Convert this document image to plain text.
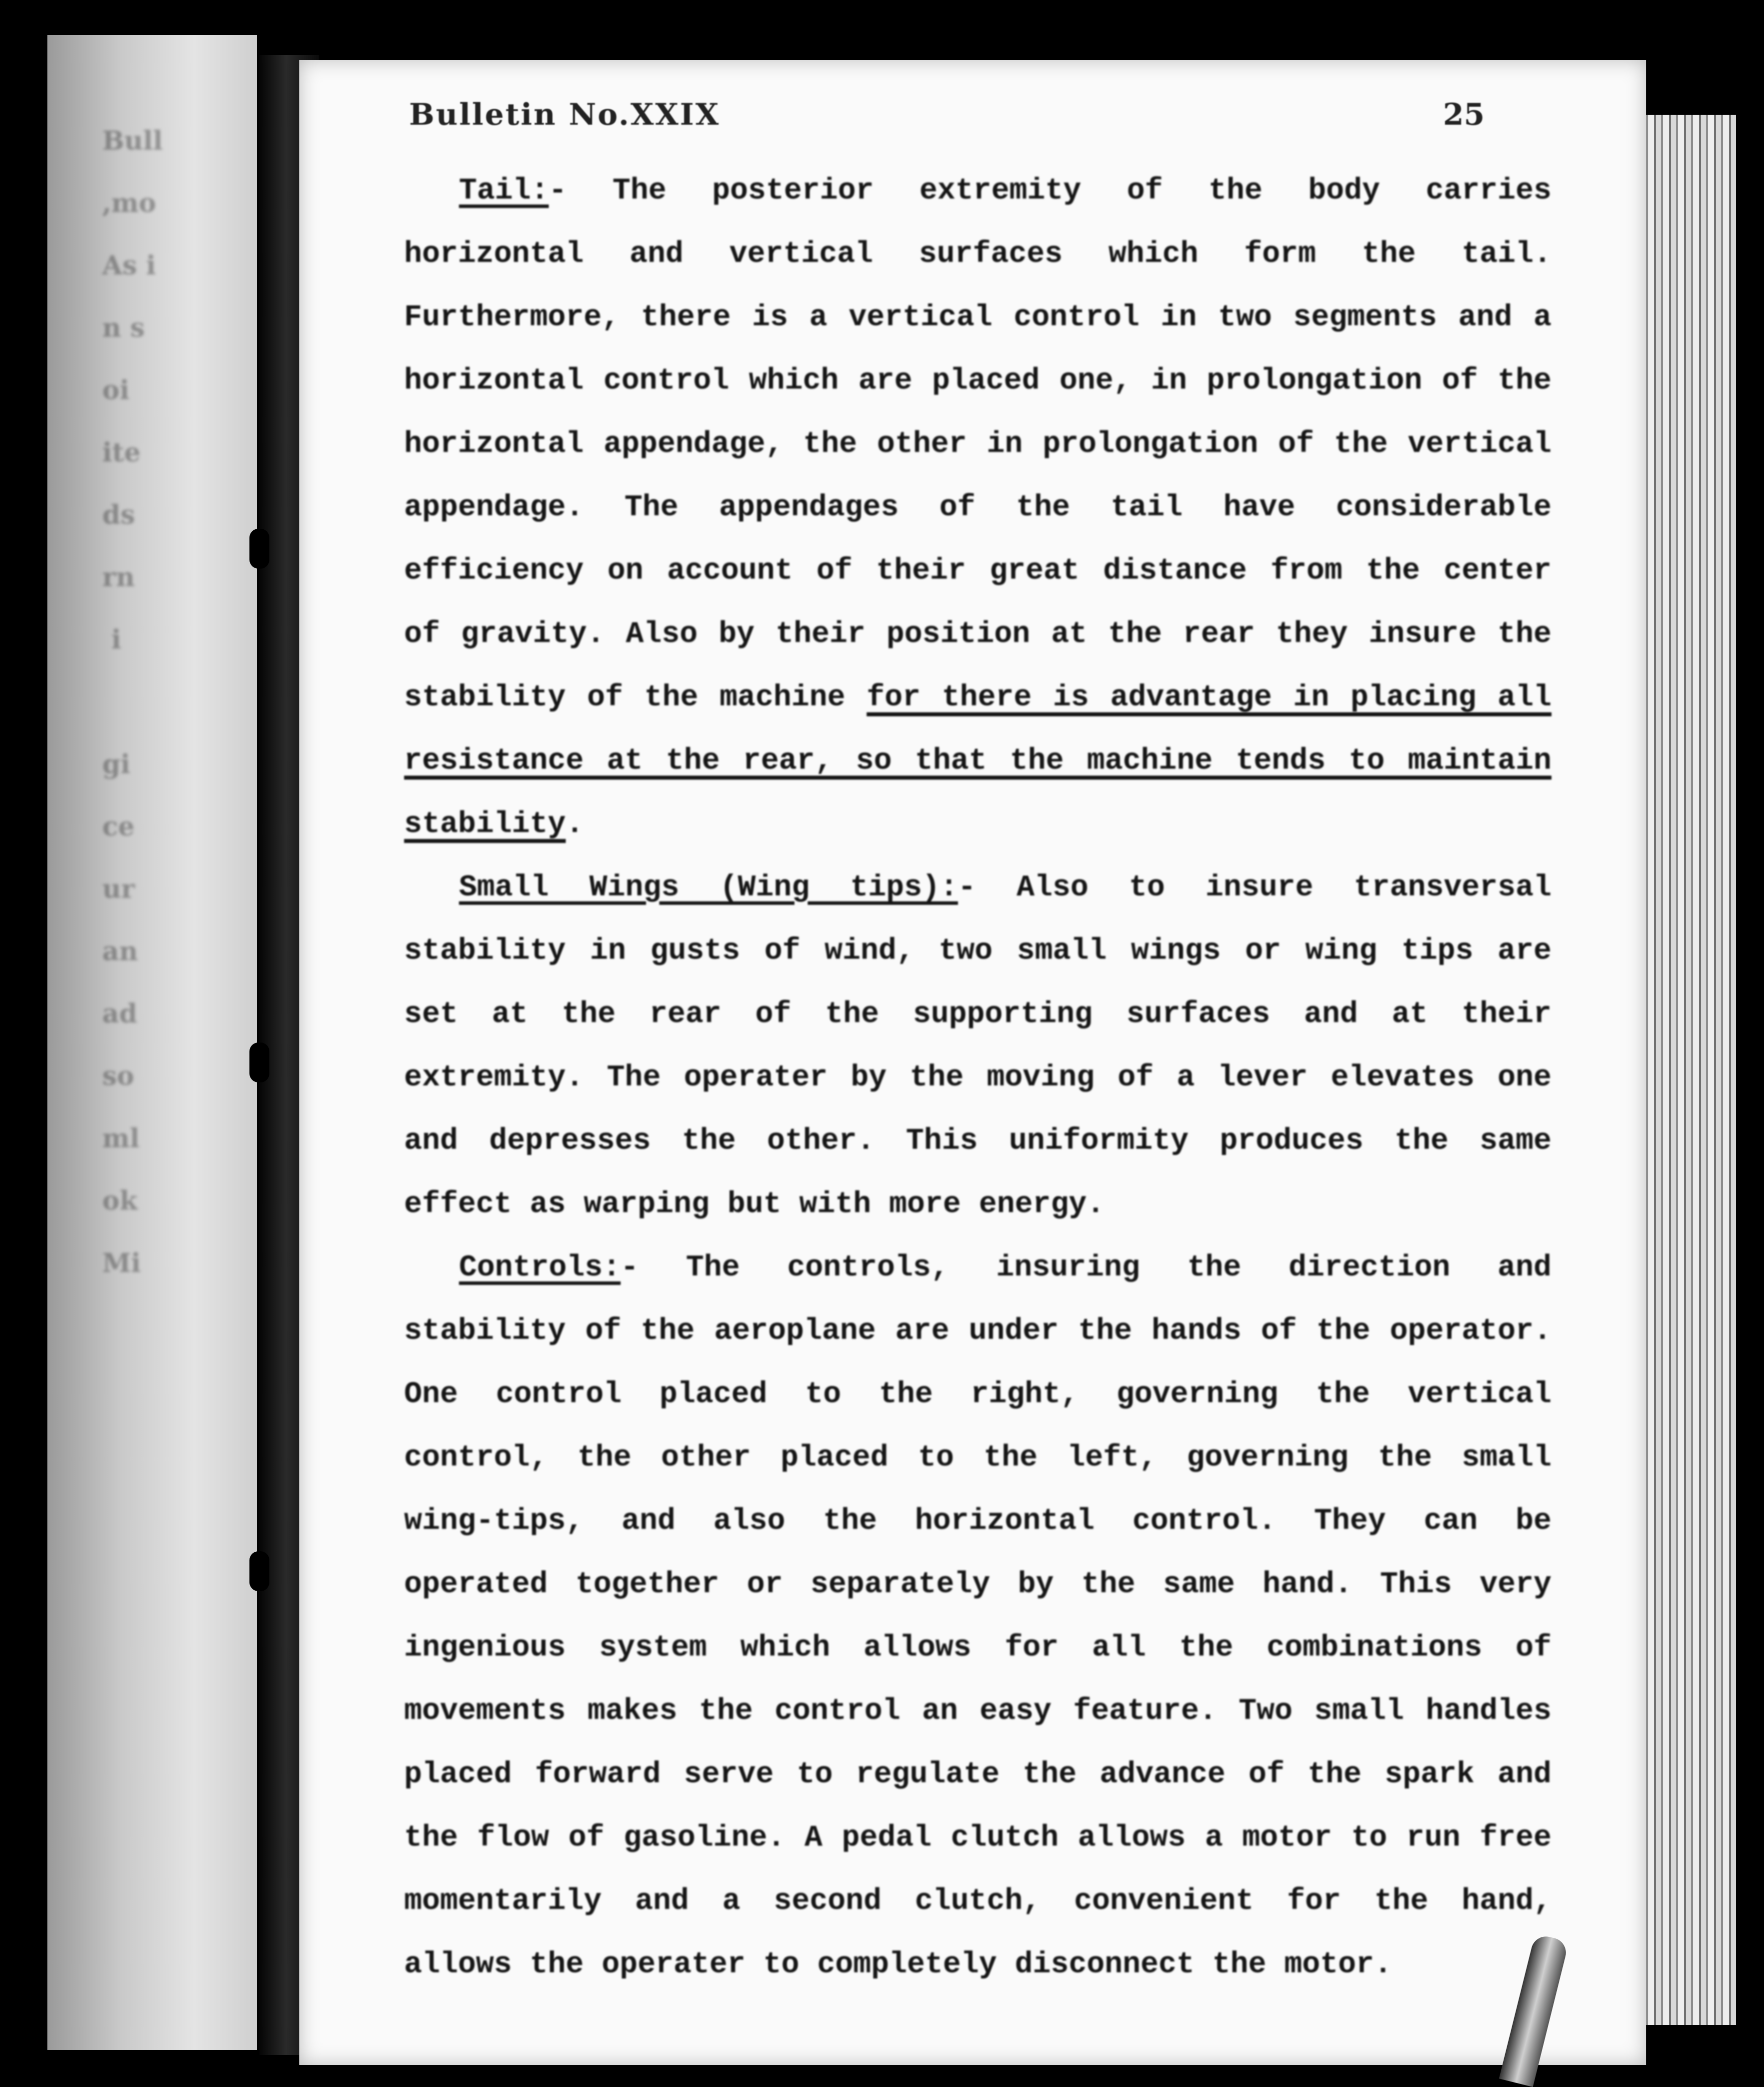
Bull
,mo
As i
n s
oi
ite
ds
rn
i

gi
ce
ur
an
ad
so
ml
ok
Mi
Bulletin No.XXIX	25

Tail:- The posterior extremity of the body carries horizontal and vertical surfaces which form the tail. Furthermore, there is a vertical control in two segments and a horizontal control which are placed one, in prolongation of the horizontal appendage, the other in prolongation of the vertical appendage. The appendages of the tail have considerable efficiency on account of their great distance from the center of gravity. Also by their position at the rear they insure the stability of the machine for there is advantage in placing all resistance at the rear, so that the machine tends to maintain stability.

Small Wings (Wing tips):- Also to insure transversal stability in gusts of wind, two small wings or wing tips are set at the rear of the supporting surfaces and at their extremity. The operater by the moving of a lever elevates one and depresses the other. This uniformity produces the same effect as warping but with more energy.

Controls:- The controls, insuring the direction and stability of the aeroplane are under the hands of the operator. One control placed to the right, governing the vertical control, the other placed to the left, governing the small wing-tips, and also the horizontal control. They can be operated together or separately by the same hand. This very ingenious system which allows for all the combinations of movements makes the control an easy feature. Two small handles placed forward serve to regulate the advance of the spark and the flow of gasoline. A pedal clutch allows a motor to run free momentarily and a second clutch, convenient for the hand, allows the operater to completely disconnect the motor.
